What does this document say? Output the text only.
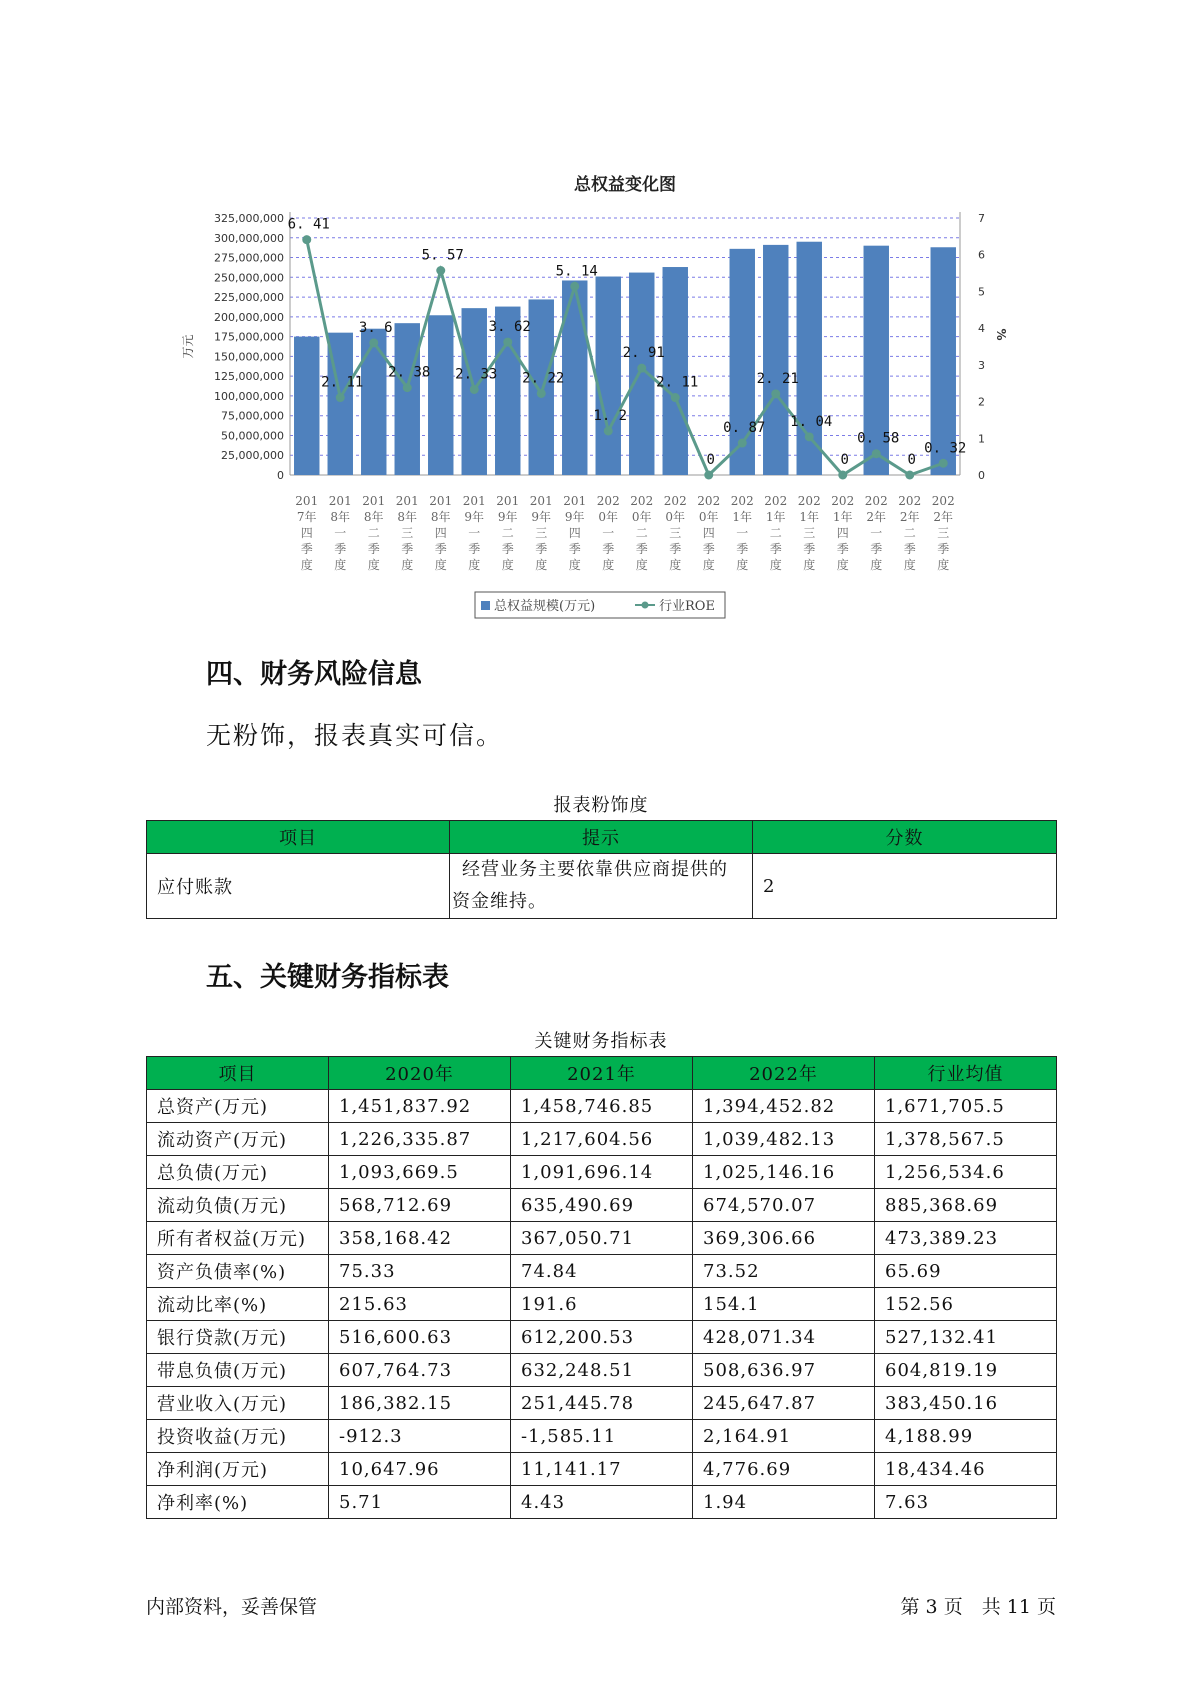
总权益变化图
325,000,000
300,000,000
275,000,000
250,000,000
225,000,000
200,000,000
175,000,000
150,000,000
125,000,000
100,000,000
75,000,000
50,000,000
25,000,000
0
7
6
5
4
3
2
1
0
万元	%
6. 41
2. 11
3. 6
2. 38
5. 57
2. 33
3. 62
2. 22
5. 14
1. 2
2. 91
2. 11
0
0. 87
2. 21
1. 04
0
0. 58
0
0. 32
201
7年
四
季
度
201
8年
一
季
度
201
8年
二
季
度
201
8年
三
季
度
201
8年
四
季
度
201
9年
一
季
度
201
9年
二
季
度
201
9年
三
季
度
201
9年
四
季
度
202
0年
一
季
度
202
0年
二
季
度
202
0年
三
季
度
202
0年
四
季
度
202
1年
一
季
度
202
1年
二
季
度
202
1年
三
季
度
202
1年
四
季
度
202
2年
一
季
度
202
2年
二
季
度
202
2年
三
季
度
总权益规模(万元)	行业ROE
四、财务风险信息

无粉饰，报表真实可信。

报表粉饰度
项目	提示	分数
应付账款	经营业务主要依靠供应商提供的资金维持。	2
五、关键财务指标表
关键财务指标表
项目	2020年	2021年	2022年	行业均值
总资产(万元)	1,451,837.92	1,458,746.85	1,394,452.82	1,671,705.5
流动资产(万元)	1,226,335.87	1,217,604.56	1,039,482.13	1,378,567.5
总负债(万元)	1,093,669.5	1,091,696.14	1,025,146.16	1,256,534.6
流动负债(万元)	568,712.69	635,490.69	674,570.07	885,368.69
所有者权益(万元)	358,168.42	367,050.71	369,306.66	473,389.23
资产负债率(%)	75.33	74.84	73.52	65.69
流动比率(%)	215.63	191.6	154.1	152.56
银行贷款(万元)	516,600.63	612,200.53	428,071.34	527,132.41
带息负债(万元)	607,764.73	632,248.51	508,636.97	604,819.19
营业收入(万元)	186,382.15	251,445.78	245,647.87	383,450.16
投资收益(万元)	-912.3	-1,585.11	2,164.91	4,188.99
净利润(万元)	10,647.96	11,141.17	4,776.69	18,434.46
净利率(%)	5.71	4.43	1.94	7.63
内部资料，妥善保管	第 3 页　共 11 页
